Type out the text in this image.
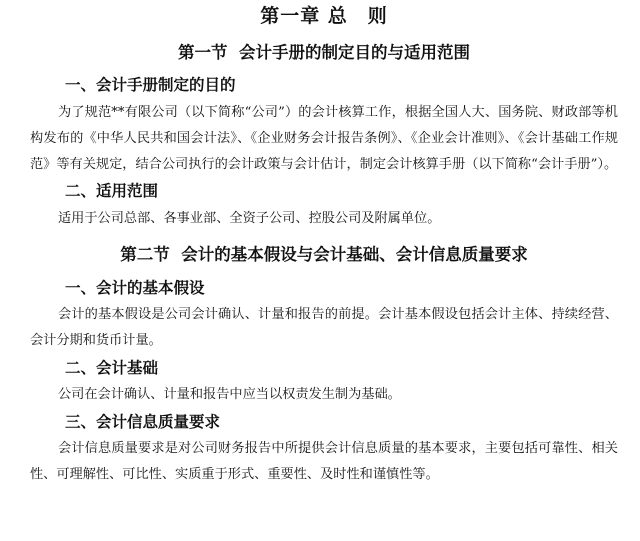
第一章 总　则
第一节  会计手册的制定目的与适用范围
一、会计手册制定的目的

为了规范**有限公司（以下简称“公司”）的会计核算工作，根据全国人大、国务院、财政部等机构发布的《中华人民共和国会计法》、《企业财务会计报告条例》、《企业会计准则》、《会计基础工作规范》等有关规定，结合公司执行的会计政策与会计估计，制定会计核算手册（以下简称“会计手册”）。

二、适用范围

适用于公司总部、各事业部、全资子公司、控股公司及附属单位。

第二节  会计的基本假设与会计基础、会计信息质量要求
一、会计的基本假设

会计的基本假设是公司会计确认、计量和报告的前提。会计基本假设包括会计主体、持续经营、会计分期和货币计量。

二、会计基础

公司在会计确认、计量和报告中应当以权责发生制为基础。

三、会计信息质量要求

会计信息质量要求是对公司财务报告中所提供会计信息质量的基本要求，主要包括可靠性、相关性、可理解性、可比性、实质重于形式、重要性、及时性和谨慎性等。
